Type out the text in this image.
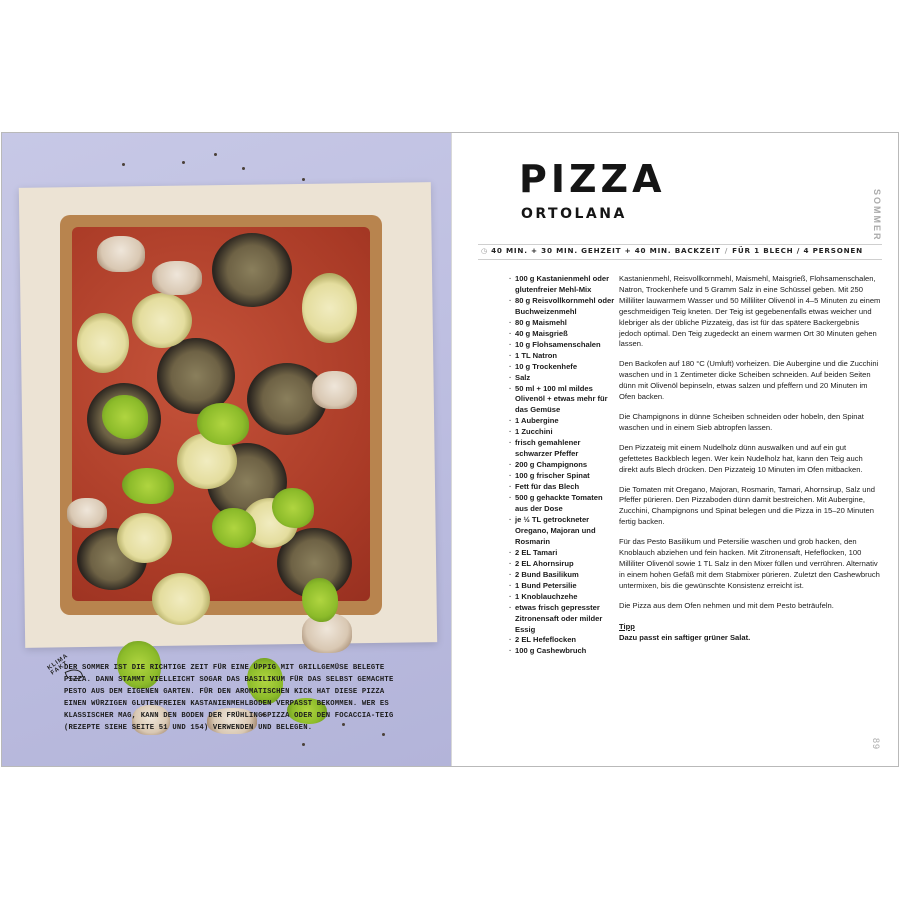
KLIMA FAKT
DER SOMMER IST DIE RICHTIGE ZEIT FÜR EINE ÜPPIG MIT GRILLGEMÜSE BELEGTE PIZZA. DANN STAMMT VIELLEICHT SOGAR DAS BASILIKUM FÜR DAS SELBST GEMACHTE PESTO AUS DEM EIGENEN GARTEN. FÜR DEN AROMATISCHEN KICK HAT DIESE PIZZA EINEN WÜRZIGEN GLUTENFREIEN KASTANIENMEHLBODEN VERPASST BEKOMMEN. WER ES KLASSISCHER MAG, KANN DEN BODEN DER FRÜHLINGSPIZZA ODER DEN FOCACCIA-TEIG (REZEPTE SIEHE SEITE 51 UND 154) VERWENDEN UND BELEGEN.
PIZZA
ORTOLANA	SOMMER
◷ 40 MIN. + 30 MIN. GEHZEIT + 40 MIN. BACKZEIT / FÜR 1 BLECH / 4 PERSONEN
· 100 g Kastanienmehl oder glutenfreier Mehl-Mix
· 80 g Reisvollkornmehl oder Buchweizenmehl
· 80 g Maismehl
· 40 g Maisgrieß
· 10 g Flohsamenschalen
· 1 TL Natron
· 10 g Trockenhefe
· Salz
· 50 ml + 100 ml mildes Olivenöl + etwas mehr für das Gemüse
· 1 Aubergine
· 1 Zucchini
· frisch gemahlener schwarzer Pfeffer
· 200 g Champignons
· 100 g frischer Spinat
· Fett für das Blech
· 500 g gehackte Tomaten aus der Dose
· je ½ TL getrockneter Oregano, Majoran und Rosmarin
· 2 EL Tamari
· 2 EL Ahornsirup
· 2 Bund Basilikum
· 1 Bund Petersilie
· 1 Knoblauchzehe
· etwas frisch gepresster Zitronensaft oder milder Essig
· 2 EL Hefeflocken
· 100 g Cashewbruch

Kastanienmehl, Reisvollkornmehl, Maismehl, Maisgrieß, Flohsamenschalen, Natron, Trockenhefe und 5 Gramm Salz in eine Schüssel geben. Mit 250 Milliliter lauwarmem Wasser und 50 Milliliter Olivenöl in 4–5 Minuten zu einem geschmeidigen Teig kneten. Der Teig ist gegebenenfalls etwas weicher und klebriger als der übliche Pizzateig, das ist für das spätere Backergebnis jedoch optimal. Den Teig zugedeckt an einem warmen Ort 30 Minuten gehen lassen.

Den Backofen auf 180 °C (Umluft) vorheizen. Die Aubergine und die Zucchini waschen und in 1 Zentimeter dicke Scheiben schneiden. Auf beiden Seiten dünn mit Olivenöl bepinseln, etwas salzen und pfeffern und 20 Minuten im Ofen backen.

Die Champignons in dünne Scheiben schneiden oder hobeln, den Spinat waschen und in einem Sieb abtropfen lassen.

Den Pizzateig mit einem Nudelholz dünn auswalken und auf ein gut gefettetes Backblech legen. Wer kein Nudelholz hat, kann den Teig auch direkt aufs Blech drücken. Den Pizzateig 10 Minuten im Ofen mitbacken.

Die Tomaten mit Oregano, Majoran, Rosmarin, Tamari, Ahornsirup, Salz und Pfeffer pürieren. Den Pizzaboden dünn damit bestreichen. Mit Aubergine, Zucchini, Champignons und Spinat belegen und die Pizza in 15–20 Minuten fertig backen.

Für das Pesto Basilikum und Petersilie waschen und grob hacken, den Knoblauch abziehen und fein hacken. Mit Zitronensaft, Hefeflocken, 100 Milliliter Olivenöl sowie 1 TL Salz in den Mixer füllen und verrühren. Alternativ in einem hohen Gefäß mit dem Stabmixer pürieren. Zuletzt den Cashewbruch untermixen, bis die gewünschte Konsistenz erreicht ist.

Die Pizza aus dem Ofen nehmen und mit dem Pesto beträufeln.

Tipp
Dazu passt ein saftiger grüner Salat.
89
